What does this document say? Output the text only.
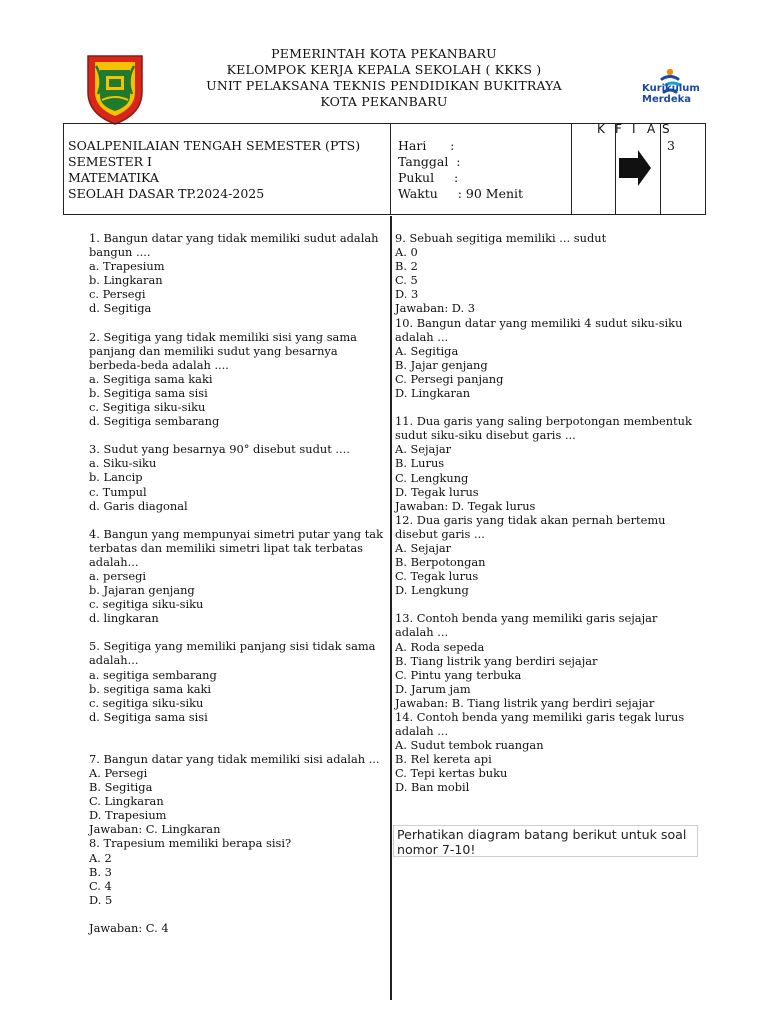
PEMERINTAH KOTA PEKANBARU
KELOMPOK KERJA KEPALA SEKOLAH ( KKKS )
UNIT PELAKSANA TEKNIS PENDIDIKAN BUKITRAYA
KOTA PEKANBARU
Kurikulum
Merdeka
SOALPENILAIAN TENGAH SEMESTER (PTS)
SEMESTER I
MATEMATIKA
SEOLAH DASAR TP.2024-2025
Hari      :
Tanggal  :
Pukul     :
Waktu     : 90 Menit
K F I A S
3
1. Bangun datar yang tidak memiliki sudut adalah
bangun ....
a. Trapesium
b. Lingkaran
c. Persegi
d. Segitiga
2. Segitiga yang tidak memiliki sisi yang sama
panjang dan memiliki sudut yang besarnya
berbeda-beda adalah ....
a. Segitiga sama kaki
b. Segitiga sama sisi
c. Segitiga siku-siku
d. Segitiga sembarang
3. Sudut yang besarnya 90° disebut sudut ....
a. Siku-siku
b. Lancip
c. Tumpul
d. Garis diagonal
4. Bangun yang mempunyai simetri putar yang tak
terbatas dan memiliki simetri lipat tak terbatas
adalah...
a. persegi
b. Jajaran genjang
c. segitiga siku-siku
d. lingkaran
5. Segitiga yang memiliki panjang sisi tidak sama
adalah...
a. segitiga sembarang
b. segitiga sama kaki
c. segitiga siku-siku
d. Segitiga sama sisi
7. Bangun datar yang tidak memiliki sisi adalah ...
A. Persegi
B. Segitiga
C. Lingkaran
D. Trapesium
Jawaban: C. Lingkaran
8. Trapesium memiliki berapa sisi?
A. 2
B. 3
C. 4
D. 5
Jawaban: C. 4
9. Sebuah segitiga memiliki ... sudut
A. 0
B. 2
C. 5
D. 3
Jawaban: D. 3
10. Bangun datar yang memiliki 4 sudut siku-siku
adalah ...
A. Segitiga
B. Jajar genjang
C. Persegi panjang
D. Lingkaran
11. Dua garis yang saling berpotongan membentuk
sudut siku-siku disebut garis ...
A. Sejajar
B. Lurus
C. Lengkung
D. Tegak lurus
Jawaban: D. Tegak lurus
12. Dua garis yang tidak akan pernah bertemu
disebut garis ...
A. Sejajar
B. Berpotongan
C. Tegak lurus
D. Lengkung
13. Contoh benda yang memiliki garis sejajar
adalah ...
A. Roda sepeda
B. Tiang listrik yang berdiri sejajar
C. Pintu yang terbuka
D. Jarum jam
Jawaban: B. Tiang listrik yang berdiri sejajar
14. Contoh benda yang memiliki garis tegak lurus
adalah ...
A. Sudut tembok ruangan
B. Rel kereta api
C. Tepi kertas buku
D. Ban mobil
Perhatikan diagram batang berikut untuk soal nomor 7-10!
